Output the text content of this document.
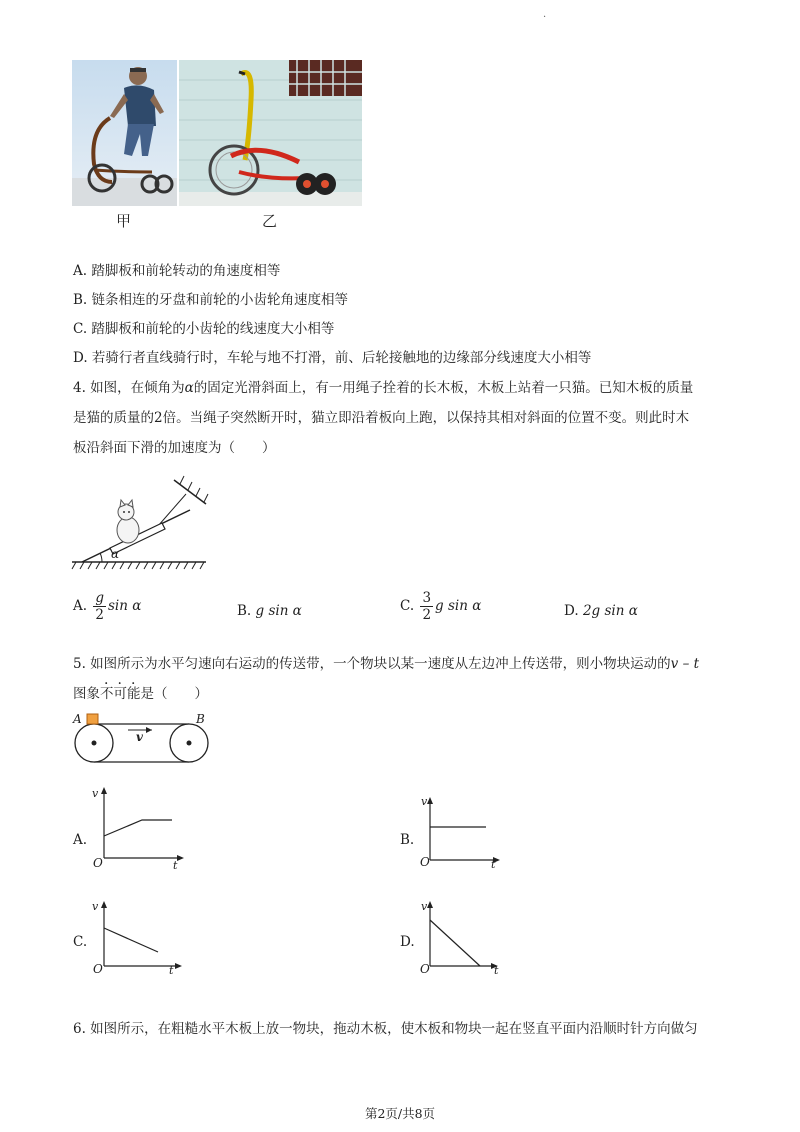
·
甲	乙
A. 踏脚板和前轮转动的角速度相等
B. 链条相连的牙盘和前轮的小齿轮角速度相等
C. 踏脚板和前轮的小齿轮的线速度大小相等
D. 若骑行者直线骑行时，车轮与地不打滑，前、后轮接触地的边缘部分线速度大小相等
4. 如图，在倾角为α的固定光滑斜面上，有一用绳子拴着的长木板，木板上站着一只猫。已知木板的质量
是猫的质量的2倍。当绳子突然断开时，猫立即沿着板向上跑，以保持其相对斜面的位置不变。则此时木
板沿斜面下滑的加速度为（　　）
α
A. $\frac{g}{2}$ sin α	B. g sin α	C. $\frac{3}{2}$ g sin α	D. 2g sin α
5. 如图所示为水平匀速向右运动的传送带，一个物块以某一速度从左边冲上传送带，则小物块运动的v – t
图象不可能是（　　）
A	B
v
A.
v
t
O
B.
v
t
O
C.
v
t
O
D.
v
t
O
6. 如图所示，在粗糙水平木板上放一物块，拖动木板，使木板和物块一起在竖直平面内沿顺时针方向做匀
第2页/共8页
